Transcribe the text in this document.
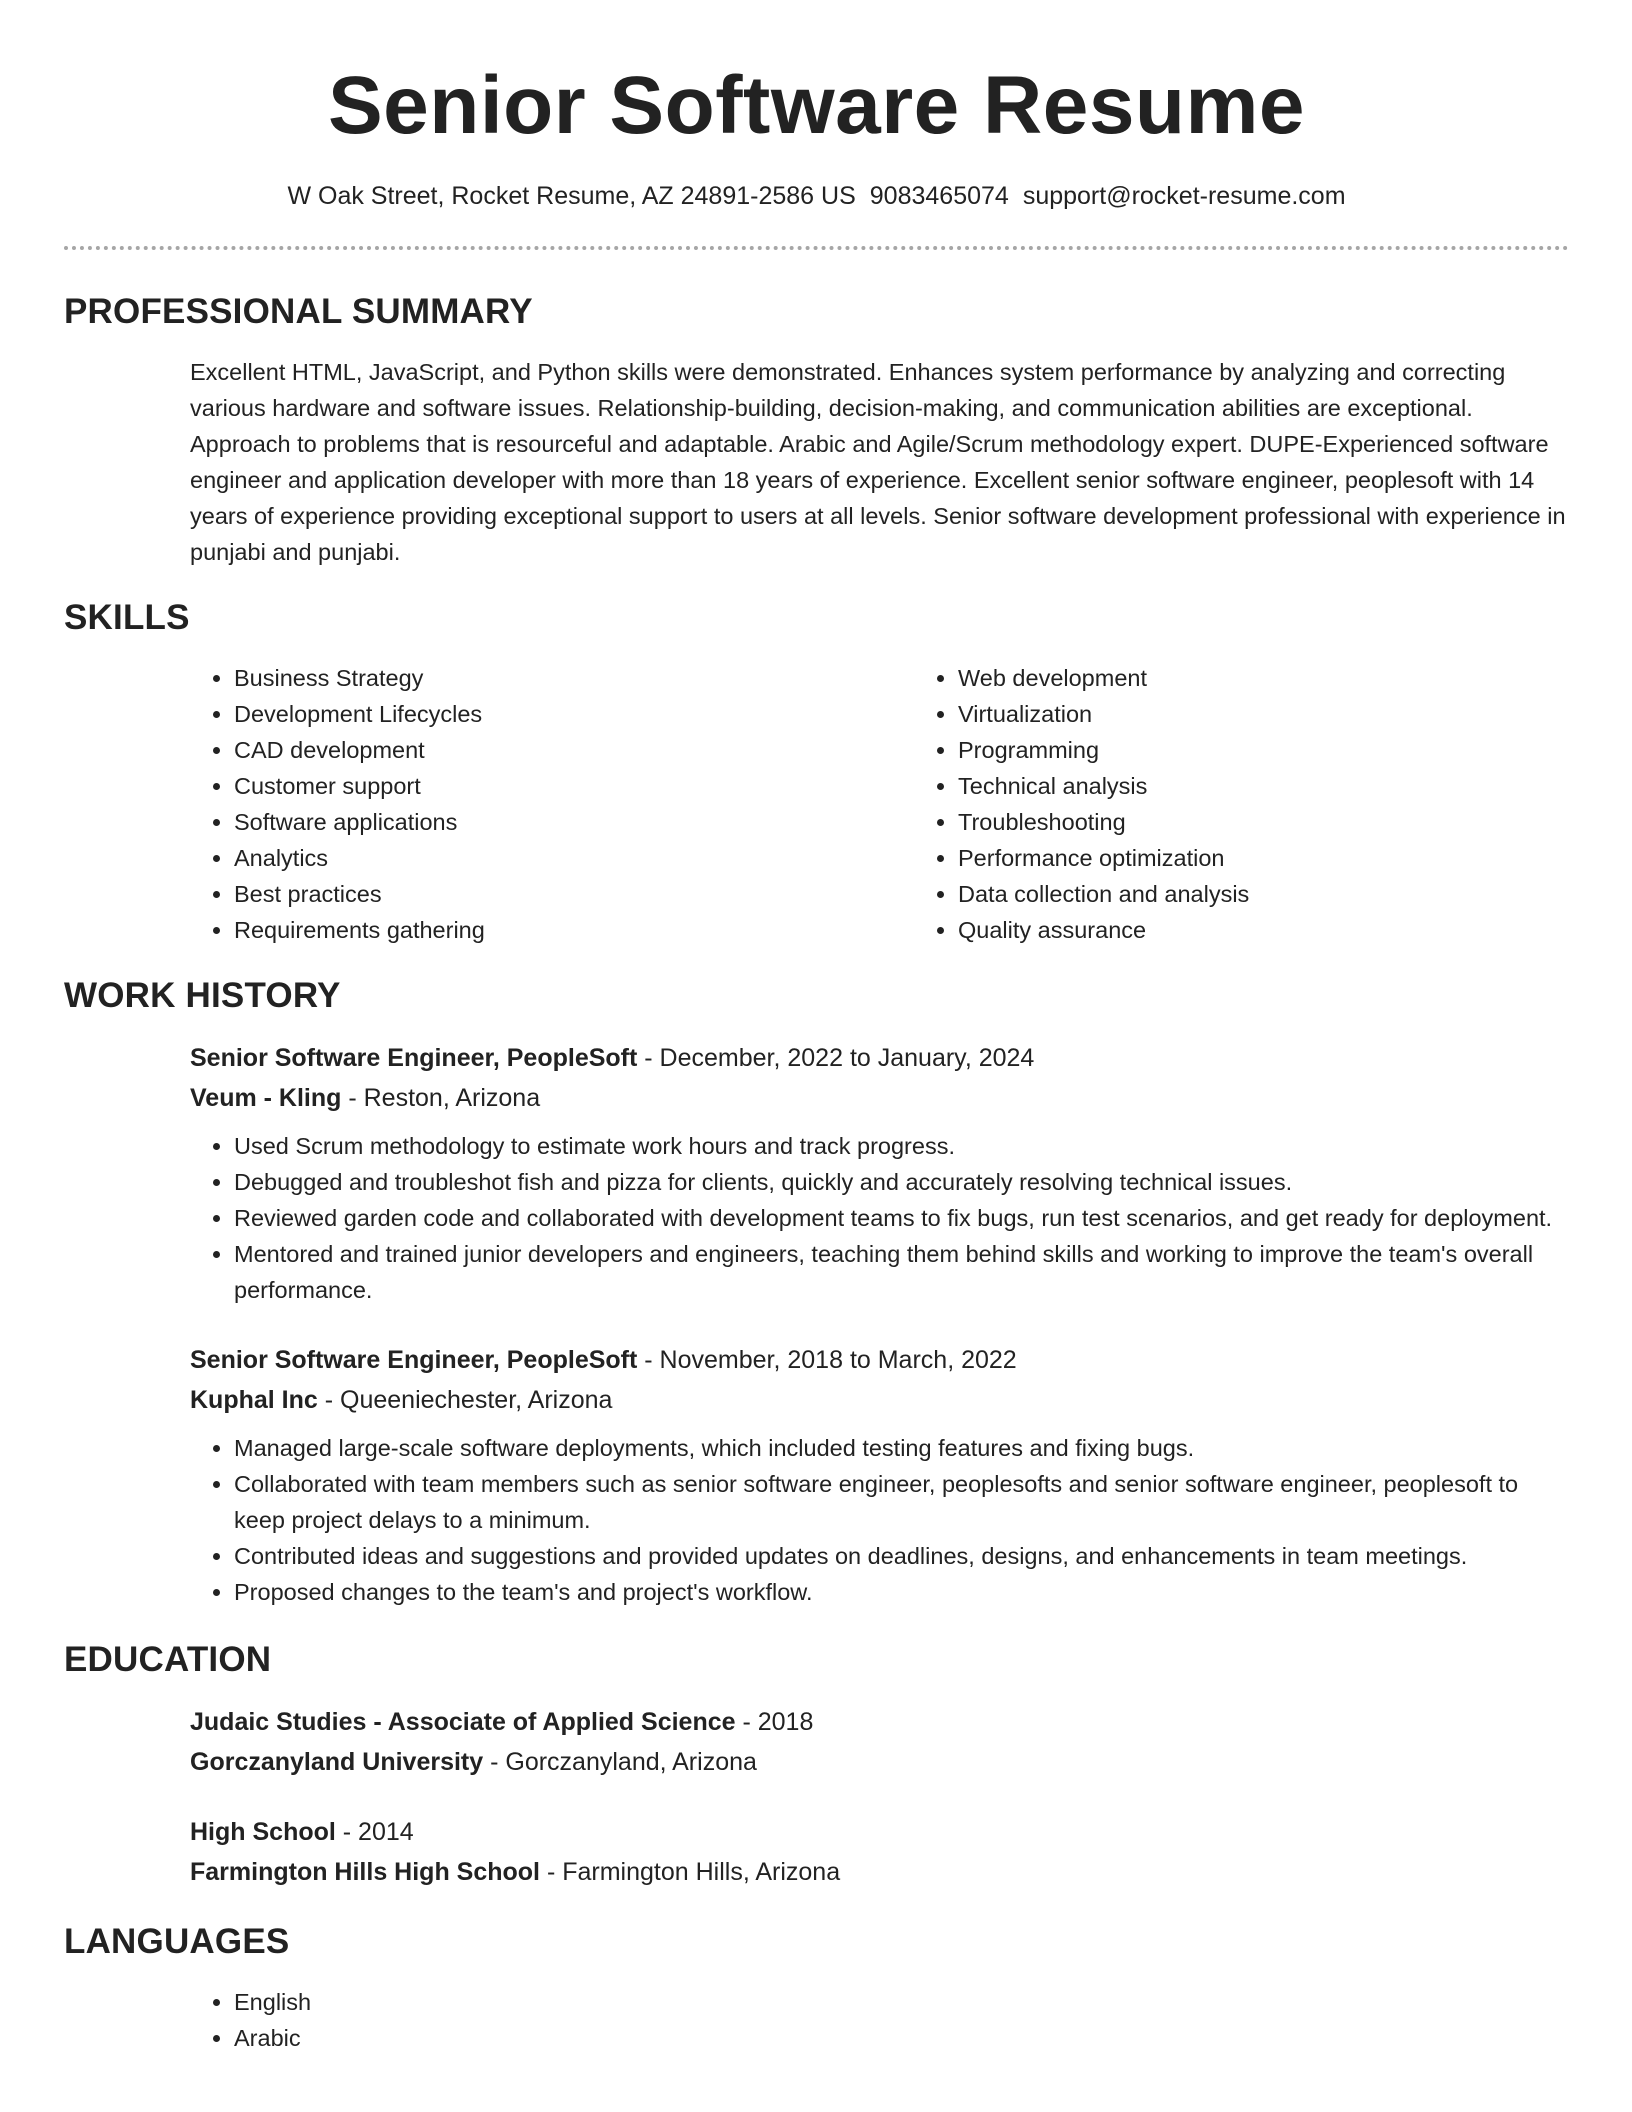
Senior Software Resume
W Oak Street, Rocket Resume, AZ 24891-2586 US 9083465074 support@rocket-resume.com
PROFESSIONAL SUMMARY

Excellent HTML, JavaScript, and Python skills were demonstrated. Enhances system performance by analyzing and correcting various hardware and software issues. Relationship-building, decision-making, and communication abilities are exceptional. Approach to problems that is resourceful and adaptable. Arabic and Agile/Scrum methodology expert. DUPE-Experienced software engineer and application developer with more than 18 years of experience. Excellent senior software engineer, peoplesoft with 14 years of experience providing exceptional support to users at all levels. Senior software development professional with experience in punjabi and punjabi.

SKILLS
• Business Strategy
• Development Lifecycles
• CAD development
• Customer support
• Software applications
• Analytics
• Best practices
• Requirements gathering
• Web development
• Virtualization
• Programming
• Technical analysis
• Troubleshooting
• Performance optimization
• Data collection and analysis
• Quality assurance
WORK HISTORY
Senior Software Engineer, PeopleSoft - December, 2022 to January, 2024
Veum - Kling - Reston, Arizona
• Used Scrum methodology to estimate work hours and track progress.
• Debugged and troubleshot fish and pizza for clients, quickly and accurately resolving technical issues.
• Reviewed garden code and collaborated with development teams to fix bugs, run test scenarios, and get ready for deployment.
• Mentored and trained junior developers and engineers, teaching them behind skills and working to improve the team's overall performance.
Senior Software Engineer, PeopleSoft - November, 2018 to March, 2022
Kuphal Inc - Queeniechester, Arizona
• Managed large-scale software deployments, which included testing features and fixing bugs.
• Collaborated with team members such as senior software engineer, peoplesofts and senior software engineer, peoplesoft to keep project delays to a minimum.
• Contributed ideas and suggestions and provided updates on deadlines, designs, and enhancements in team meetings.
• Proposed changes to the team's and project's workflow.
EDUCATION
Judaic Studies - Associate of Applied Science - 2018
Gorczanyland University - Gorczanyland, Arizona
High School - 2014
Farmington Hills High School - Farmington Hills, Arizona
LANGUAGES
• English
• Arabic
